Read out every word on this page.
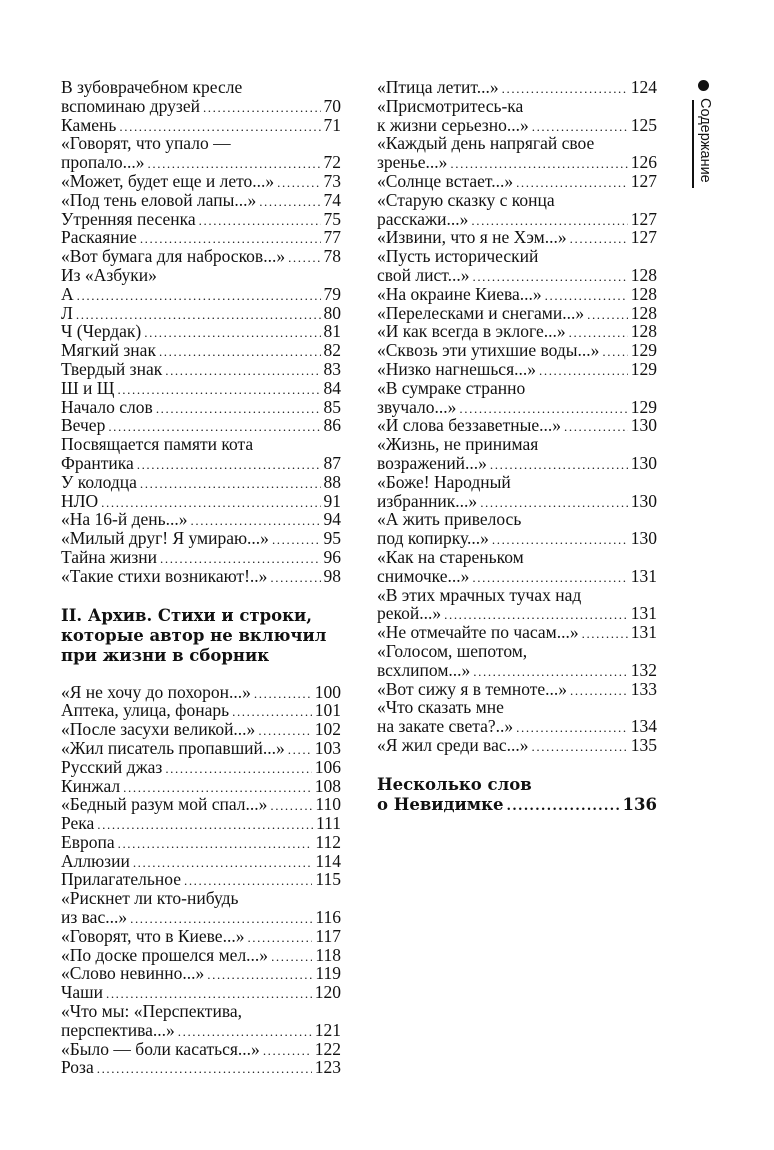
В зубоврачебном кресле
вспоминаю друзей .....	70
Камень .....	71
«Говорят, что упало —
пропало...» .....	72
«Может, будет еще и лето...» .....	73
«Под тень еловой лапы...» .....	74
Утренняя песенка .....	75
Раскаяние .....	77
«Вот бумага для набросков...» ..... 78
Из «Азбуки»
А .....	79
Л .....	80
Ч (Чердак) .....	81
Мягкий знак .....	82
Твердый знак .....	83
Ш и Щ .....	84
Начало слов .....	85
Вечер .....	86
Посвящается памяти кота
Франтика .....	87
У колодца .....	88
НЛО .....	91
«На 16-й день...» .....	94
«Милый друг! Я умираю...» .....	95
Тайна жизни .....	96
«Такие стихи возникают!..» .....	98
II. Архив. Стихи и строки,
которые автор не включил
при жизни в сборник
«Я не хочу до похорон...» .....	100
Аптека, улица, фонарь .....	101
«После засухи великой...» .....	102
«Жил писатель пропавший...» ..... 103
Русский джаз .....	106
Кинжал .....	108
«Бедный разум мой спал...» .....	110
Река .....	111
Европа .....	112
Аллюзии .....	114
Прилагательное .....	115
«Рискнет ли кто-нибудь
из вас...» .....	116
«Говорят, что в Киеве...» .....	117
«По доске прошелся мел...» .....	118
«Слово невинно...» .....	119
Чаши .....	120
«Что мы: «Перспектива,
перспектива...» .....	121
«Было — боли касаться...» .....	122
Роза .....	123
«Птица летит...» .....	124
«Присмотритесь-ка
к жизни серьезно...» .....	125
«Каждый день напрягай свое
зренье...» .....	126
«Солнце встает...» .....	127
«Старую сказку с конца
расскажи...» .....	127
«Извини, что я не Хэм...» .....	127
«Пусть исторический
свой лист...» .....	128
«На окраине Киева...» .....	128
«Перелесками и снегами...» .....	128
«И как всегда в эклоге...» .....	128
«Сквозь эти утихшие воды...» ..... 129
«Низко нагнешься...» .....	129
«В сумраке странно
звучало...» .....	129
«И слова беззаветные...» .....	130
«Жизнь, не принимая
возражений...» .....	130
«Боже! Народный
избранник...» .....	130
«А жить привелось
под копирку...» .....	130
«Как на стареньком
снимочке...» .....	131
«В этих мрачных тучах над
рекой...» .....	131
«Не отмечайте по часам...» .....	131
«Голосом, шепотом,
всхлипом...» .....	132
«Вот сижу я в темноте...» .....	133
«Что сказать мне
на закате света?..» .....	134
«Я жил среди вас...» .....	135
Несколько слов
о Невидимке .....	136
Содержание
